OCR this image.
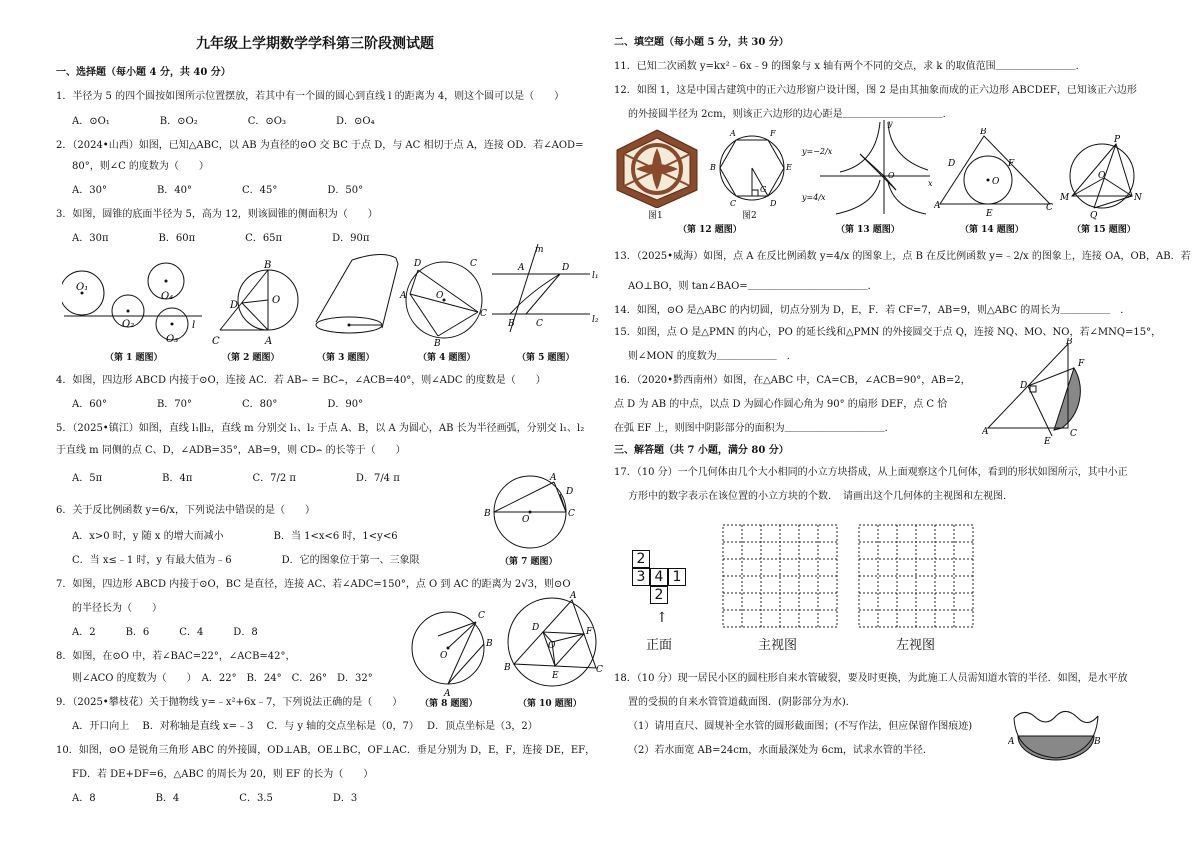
九年级上学期数学学科第三阶段测试题
一、选择题（每小题 4 分，共 40 分）
1．半径为 5 的四个圆按如图所示位置摆放，若其中有一个圆的圆心到直线 l 的距离为 4，则这个圆可以是（　　）
A．⊙O₁　　　　　B．⊙O₂　　　　　C．⊙O₃　　　　　D．⊙O₄
2．（2024•山西）如图，已知△ABC，以 AB 为直径的⊙O 交 BC 于点 D，与 AC 相切于点 A，连接 OD．若∠AOD=
80°，则∠C 的度数为（　　）
A．30°　　　　　B．40°　　　　　C．45°　　　　　D．50°
3．如图，圆锥的底面半径为 5，高为 12，则该圆锥的侧面积为（　　）
A．30π　　　　　B．60π　　　　　C．65π　　　　　D．90π
O₁
O₂
O₄
O₃
l
（第 1 题图）
B
O
D
C	A
（第 2 题图）	（第 3 题图）
D	C
A	O
C
B
（第 4 题图）
m
A	D
l₁
l₂
B C
（第 5 题图）
4．如图，四边形 ABCD 内接于⊙O，连接 AC．若 AB⌢ = BC⌢，∠ACB=40°，则∠ADC 的度数是（　　）
A．60°　　　　　B．70°　　　　　C．80°　　　　　D．90°
5．（2025•镇江）如图，直线 l₁∥l₂，直线 m 分别交 l₁、l₂ 于点 A、B，以 A 为圆心，AB 长为半径画弧，分别交 l₁、l₂
于直线 m 同侧的点 C、D，∠ADB=35°，AB=9，则 CD⌢ 的长等于（　　）
A．5π　　　　　　B．4π　　　　　　C．7/2 π　　　　　　D．7/4 π
6．关于反比例函数 y=6/x，下列说法中错误的是（　　）
A．x>0 时，y 随 x 的增大而减小　　　　　B．当 1<x<6 时，1<y<6
C．当 x≤﹣1 时，y 有最大值为﹣6　　　　　D．它的图象位于第一、三象限
7．如图，四边形 ABCD 内接于⊙O，BC 是直径，连接 AC、若∠ADC=150°，点 O 到 AC 的距离为 2√3，则⊙O
的半径长为（　　）
A．2　　　B．6　　　C．4　　　D．8
8．如图，在⊙O 中，若∠BAC=22°，∠ACB=42°，
则∠ACO 的度数为（　　）　A．22°　B．24°　C．26°　D．32°
9．（2025•攀枝花）关于抛物线 y=﹣x²+6x﹣7，下列说法正确的是（　　）
A．开口向上　 B．对称轴是直线 x=﹣3　 C．与 y 轴的交点坐标是（0，7）　 D．顶点坐标是（3，2）
10．如图，⊙O 是锐角三角形 ABC 的外接圆，OD⊥AB，OE⊥BC，OF⊥AC．垂足分别为 D，E，F，连接 DE，EF，
FD．若 DE+DF=6，△ABC 的周长为 20，则 EF 的长为（　　）
A．8　　　　　　B．4　　　　　　C．3.5　　　　　　D．3
B
O
C
A
D
（第 7 题图）
C
B
O
A
（第 8 题图）
A
D	F
O
B
E
C
（第 10 题图）
二、填空题（每小题 5 分，共 30 分）
11．已知二次函数 y=kx²﹣6x﹣9 的图象与 x 轴有两个不同的交点，求 k 的取值范围＿＿＿＿＿＿＿＿．
12．如图 1，这是中国古建筑中的正六边形窗户设计图，图 2 是由其抽象而成的正六边形 ABCDEF，已知该正六边形
的外接圆半径为 2cm，则该正六边形的边心距是＿＿＿＿＿＿＿＿＿＿．
图1
A	F
B	E
C	D
G
图2
（第 12 题图）
y=−2/x
y=4/x
O
x
y
（第 13 题图）
B
D	F
O
A
E
C
（第 14 题图）
P
O
M	N
Q
（第 15 题图）
13．（2025•威海）如图，点 A 在反比例函数 y=4/x 的图象上，点 B 在反比例函数 y=﹣2/x 的图象上，连接 OA，OB，AB．若
AO⊥BO，则 tan∠BAO=＿＿＿＿＿＿＿＿＿＿＿＿．
14．如图，⊙O 是△ABC 的内切圆，切点分别为 D，E，F．若 CF=7，AB=9，则△ABC 的周长为＿＿＿＿＿　．
15．如图，点 O 是△PMN 的内心，PO 的延长线和△PMN 的外接圆交于点 Q，连接 NQ、MO、NO，若∠MNQ=15°，
则∠MON 的度数为＿＿＿＿＿＿　．
16．（2020•黔西南州）如图，在△ABC 中，CA=CB，∠ACB=90°，AB=2，
点 D 为 AB 的中点，以点 D 为圆心作圆心角为 90° 的扇形 DEF，点 C 恰
在弧 EF 上，则图中阴影部分的面积为＿＿＿＿＿＿＿＿＿＿．
B
F
D
A	C
E
三、解答题（共 7 小题，满分 80 分）
17．（10 分）一个几何体由几个大小相同的小立方块搭成，从上面观察这个几何体，看到的形状如图所示，其中小正
方形中的数字表示在该位置的小立方块的个数．　请画出这个几何体的主视图和左视图．
2
3 4 1
2
↑
正面	主视图	左视图
18．（10 分）现一居民小区的圆柱形自来水管破裂，要及时更换，为此施工人员需知道水管的半径．如图，是水平放
置的受损的自来水管管道截面图．(阴影部分为水)．
（1）请用直尺、圆规补全水管的圆形截面图；(不写作法，但应保留作图痕迹)
（2）若水面宽 AB=24cm，水面最深处为 6cm，试求水管的半径．
A	B
